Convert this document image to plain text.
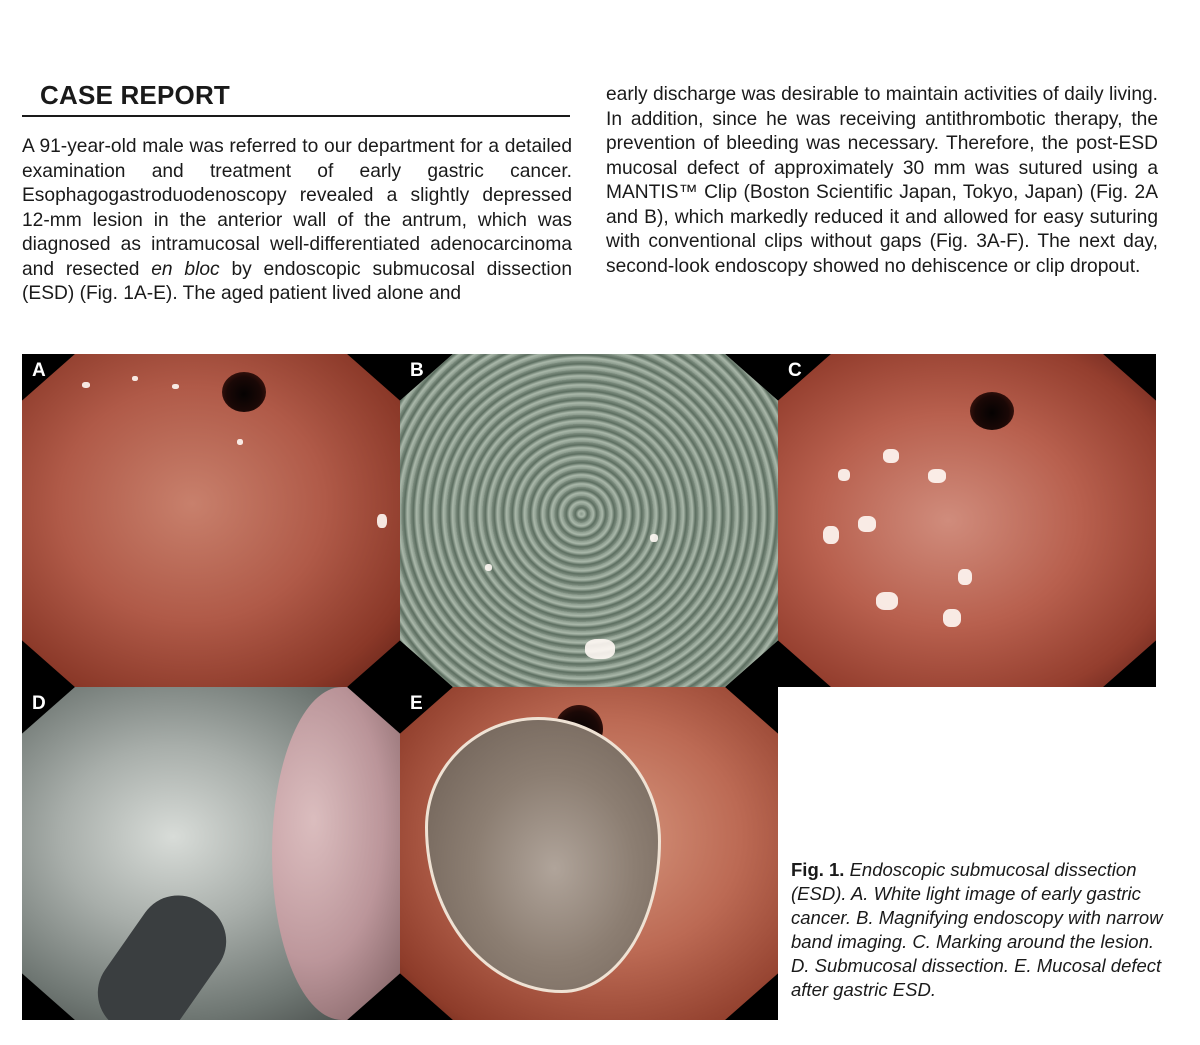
CASE REPORT
A 91-year-old male was referred to our department for a detailed examination and treatment of early gastric cancer. Esophagogastroduodenoscopy revealed a slightly depressed 12-mm lesion in the anterior wall of the antrum, which was diagnosed as intramucosal well-differentiated adenocarcinoma and resected en bloc by endoscopic submucosal dissection (ESD) (Fig. 1A-E). The aged patient lived alone and
early discharge was desirable to maintain activities of daily living. In addition, since he was receiving antithrombotic therapy, the prevention of bleeding was necessary. Therefore, the post-ESD mucosal defect of approximately 30 mm was sutured using a MANTIS™ Clip (Boston Scientific Japan, Tokyo, Japan) (Fig. 2A and B), which markedly reduced it and allowed for easy suturing with conventional clips without gaps (Fig. 3A-F). The next day, second-look endoscopy showed no dehiscence or clip dropout.
A	B	C
D	E
Fig. 1. Endoscopic submucosal dissection (ESD). A. White light image of early gastric cancer. B. Magnifying endoscopy with narrow band imaging. C. Marking around the lesion. D. Submucosal dissection. E. Mucosal defect after gastric ESD.
